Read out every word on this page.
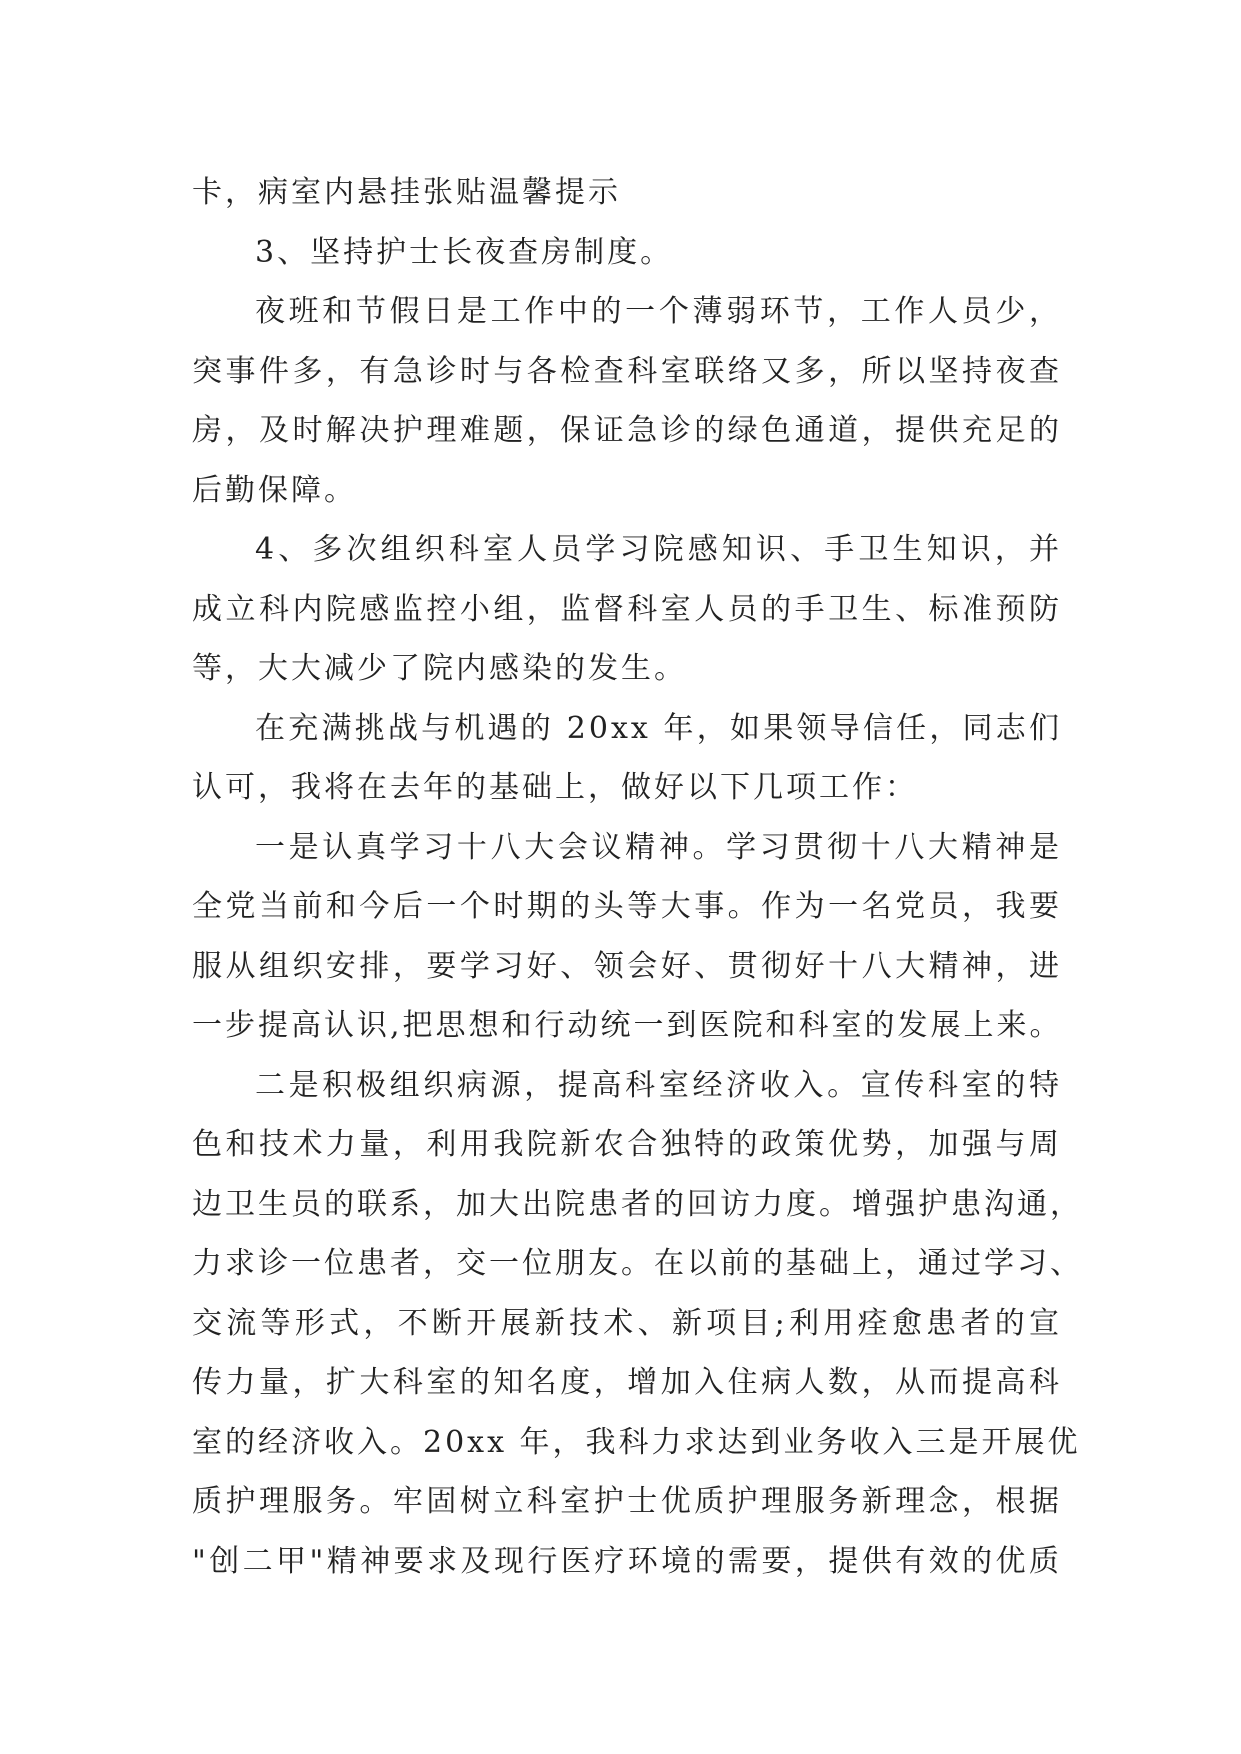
卡，病室内悬挂张贴温馨提示
3、坚持护士长夜查房制度。
夜班和节假日是工作中的一个薄弱环节，工作人员少，
突事件多，有急诊时与各检查科室联络又多，所以坚持夜查
房，及时解决护理难题，保证急诊的绿色通道，提供充足的
后勤保障。
4、多次组织科室人员学习院感知识、手卫生知识，并
成立科内院感监控小组，监督科室人员的手卫生、标准预防
等，大大减少了院内感染的发生。
在充满挑战与机遇的 20xx 年，如果领导信任，同志们
认可，我将在去年的基础上，做好以下几项工作：
一是认真学习十八大会议精神。学习贯彻十八大精神是
全党当前和今后一个时期的头等大事。作为一名党员，我要
服从组织安排，要学习好、领会好、贯彻好十八大精神，进
一步提高认识,把思想和行动统一到医院和科室的发展上来。
二是积极组织病源，提高科室经济收入。宣传科室的特
色和技术力量，利用我院新农合独特的政策优势，加强与周
边卫生员的联系，加大出院患者的回访力度。增强护患沟通，
力求诊一位患者，交一位朋友。在以前的基础上，通过学习、
交流等形式，不断开展新技术、新项目;利用痊愈患者的宣
传力量，扩大科室的知名度，增加入住病人数，从而提高科
室的经济收入。20xx 年，我科力求达到业务收入三是开展优
质护理服务。牢固树立科室护士优质护理服务新理念，根据
"创二甲"精神要求及现行医疗环境的需要，提供有效的优质
